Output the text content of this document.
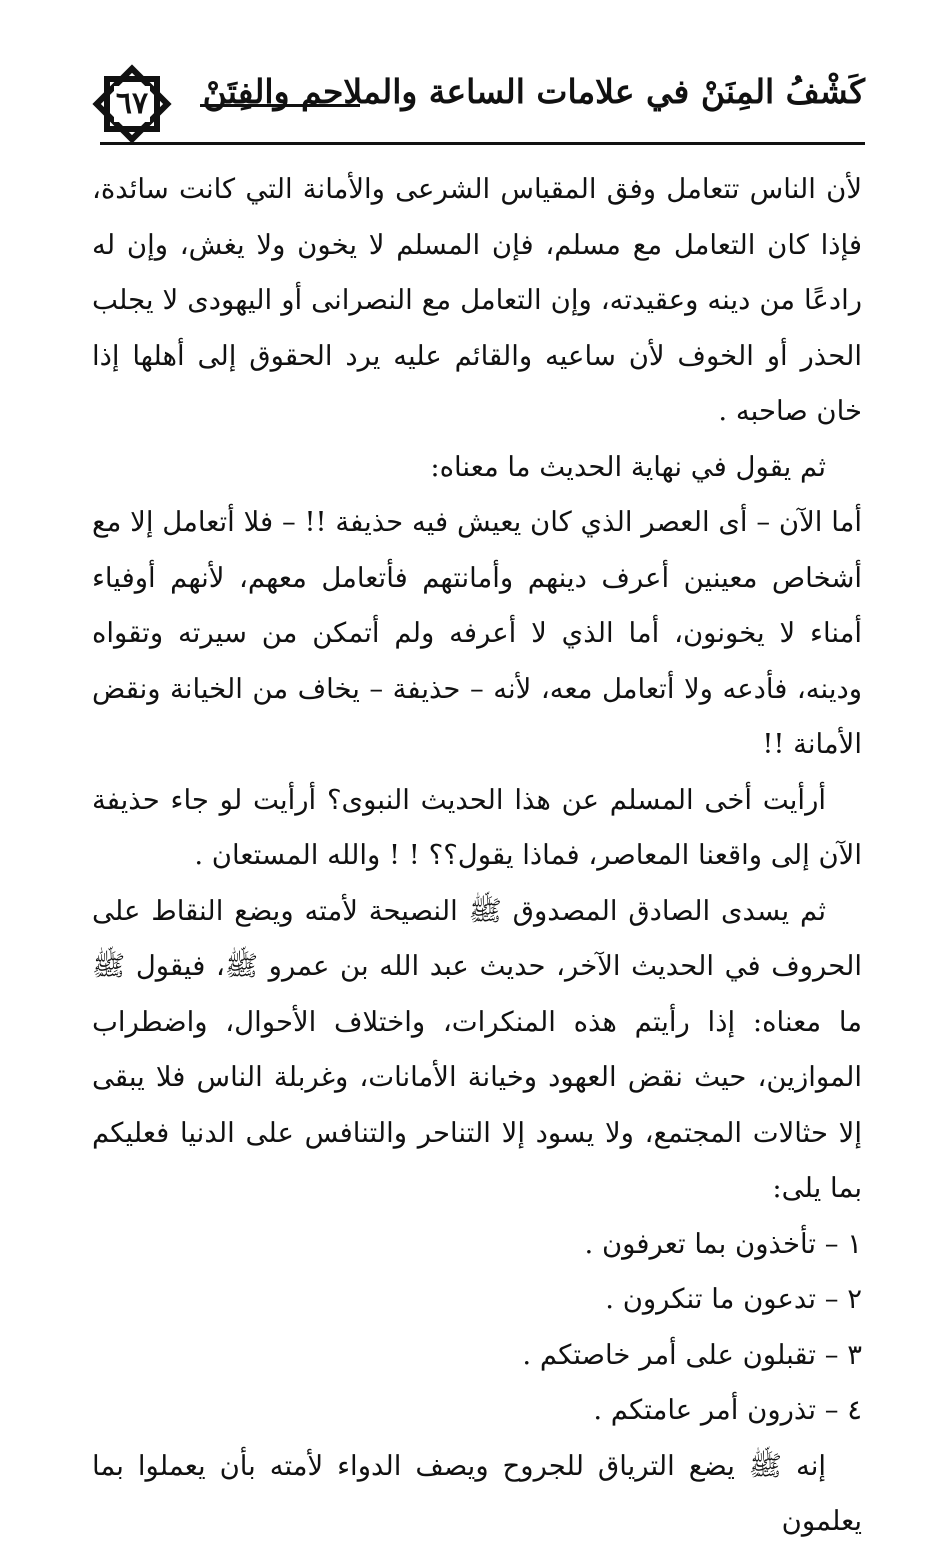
٦٧	كَشْفُ المِنَنْ في علامات الساعة والملاحم والفِتَنْ

لأن الناس تتعامل وفق المقياس الشرعى والأمانة التي كانت سائدة، فإذا كان التعامل مع مسلم، فإن المسلم لا يخون ولا يغش، وإن له رادعًا من دينه وعقيدته، وإن التعامل مع النصرانى أو اليهودى لا يجلب الحذر أو الخوف لأن ساعيه والقائم عليه يرد الحقوق إلى أهلها إذا خان صاحبه .

ثم يقول في نهاية الحديث ما معناه:

أما الآن – أى العصر الذي كان يعيش فيه حذيفة !! – فلا أتعامل إلا مع أشخاص معينين أعرف دينهم وأمانتهم فأتعامل معهم، لأنهم أوفياء أمناء لا يخونون، أما الذي لا أعرفه ولم أتمكن من سيرته وتقواه ودينه، فأدعه ولا أتعامل معه، لأنه – حذيفة – يخاف من الخيانة ونقض الأمانة !!

أرأيت أخى المسلم عن هذا الحديث النبوى؟ أرأيت لو جاء حذيفة الآن إلى واقعنا المعاصر، فماذا يقول؟؟ ! ! والله المستعان .

ثم يسدى الصادق المصدوق ﷺ النصيحة لأمته ويضع النقاط على الحروف في الحديث الآخر، حديث عبد الله بن عمرو ﷺ، فيقول ﷺ ما معناه: إذا رأيتم هذه المنكرات، واختلاف الأحوال، واضطراب الموازين، حيث نقض العهود وخيانة الأمانات، وغربلة الناس فلا يبقى إلا حثالات المجتمع، ولا يسود إلا التناحر والتنافس على الدنيا فعليكم بما يلى:

١ – تأخذون بما تعرفون .

٢ – تدعون ما تنكرون .

٣ – تقبلون على أمر خاصتكم .

٤ – تذرون أمر عامتكم .

إنه ﷺ يضع الترياق للجروح ويصف الدواء لأمته بأن يعملوا بما يعلمون
